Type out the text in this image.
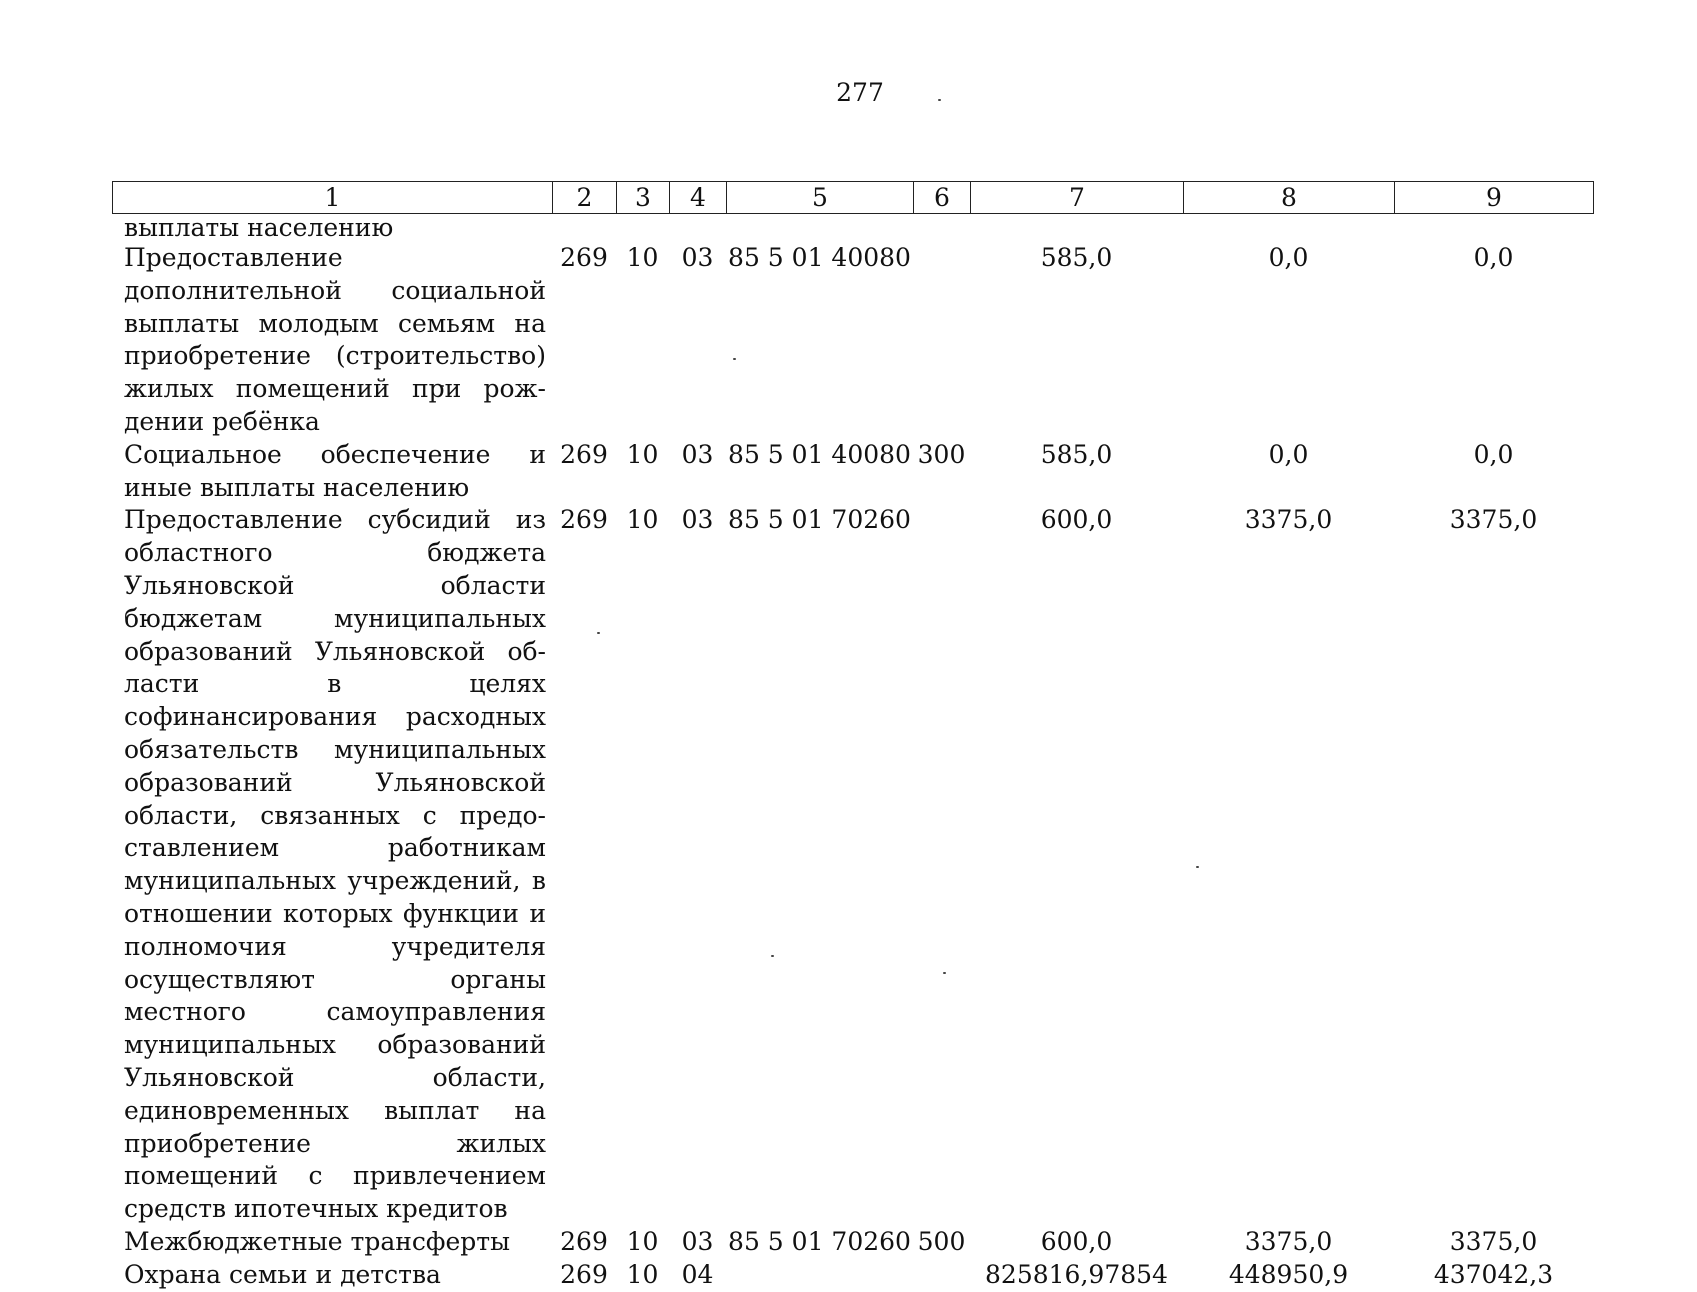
277
1	2	3	4	5	6	7	8	9
выплаты населению								
Предоставление дополнительной социальной выплаты молодым семьям на приобретение (строительство) жилых помещений при рождении ребёнка	269	10	03	85 5 01 40080		585,0	0,0	0,0
Социальное обеспечение и иные выплаты населению	269	10	03	85 5 01 40080	300	585,0	0,0	0,0
Предоставление субсидий из областного бюджета Ульяновской области бюджетам муниципальных образований Ульяновской области в целях софинансирования расходных обязательств муниципальных образований Ульяновской области, связанных с предоставлением работникам муниципальных учреждений, в отношении которых функции и полномочия учредителя осуществляют органы местного самоуправления муниципальных образований Ульяновской области, единовременных выплат на приобретение жилых помещений с привлечением средств ипотечных кредитов	269	10	03	85 5 01 70260		600,0	3375,0	3375,0
Межбюджетные трансферты	269	10	03	85 5 01 70260	500	600,0	3375,0	3375,0
Охрана семьи и детства	269	10	04			825816,97854	448950,9	437042,3
